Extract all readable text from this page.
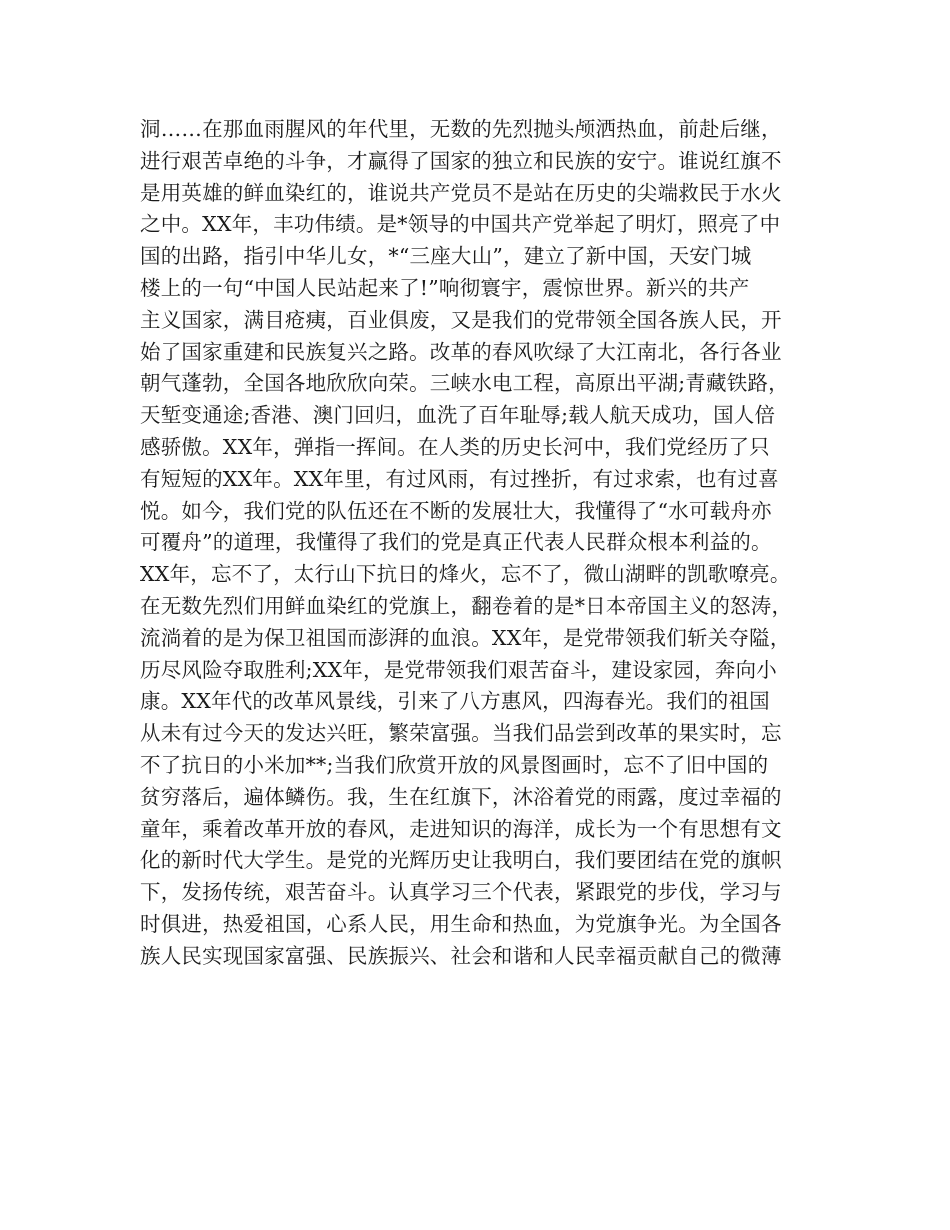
洞……在那血雨腥风的年代里，无数的先烈抛头颅洒热血，前赴后继，
进行艰苦卓绝的斗争，才赢得了国家的独立和民族的安宁。谁说红旗不
是用英雄的鲜血染红的，谁说共产党员不是站在历史的尖端救民于水火
之中。XX年，丰功伟绩。是*领导的中国共产党举起了明灯，照亮了中
国的出路，指引中华儿女，*“三座大山”，建立了新中国，天安门城
楼上的一句“中国人民站起来了!”响彻寰宇，震惊世界。新兴的共产
主义国家，满目疮痍，百业俱废，又是我们的党带领全国各族人民，开
始了国家重建和民族复兴之路。改革的春风吹绿了大江南北，各行各业
朝气蓬勃，全国各地欣欣向荣。三峡水电工程，高原出平湖;青藏铁路，
天堑变通途;香港、澳门回归，血洗了百年耻辱;载人航天成功，国人倍
感骄傲。XX年，弹指一挥间。在人类的历史长河中，我们党经历了只
有短短的XX年。XX年里，有过风雨，有过挫折，有过求索，也有过喜
悦。如今，我们党的队伍还在不断的发展壮大，我懂得了“水可载舟亦
可覆舟”的道理，我懂得了我们的党是真正代表人民群众根本利益的。
XX年，忘不了，太行山下抗日的烽火，忘不了，微山湖畔的凯歌嘹亮。
在无数先烈们用鲜血染红的党旗上，翻卷着的是*日本帝国主义的怒涛，
流淌着的是为保卫祖国而澎湃的血浪。XX年，是党带领我们斩关夺隘，
历尽风险夺取胜利;XX年，是党带领我们艰苦奋斗，建设家园，奔向小
康。XX年代的改革风景线，引来了八方惠风，四海春光。我们的祖国
从未有过今天的发达兴旺，繁荣富强。当我们品尝到改革的果实时，忘
不了抗日的小米加**;当我们欣赏开放的风景图画时，忘不了旧中国的
贫穷落后，遍体鳞伤。我，生在红旗下，沐浴着党的雨露，度过幸福的
童年，乘着改革开放的春风，走进知识的海洋，成长为一个有思想有文
化的新时代大学生。是党的光辉历史让我明白，我们要团结在党的旗帜
下，发扬传统，艰苦奋斗。认真学习三个代表，紧跟党的步伐，学习与
时俱进，热爱祖国，心系人民，用生命和热血，为党旗争光。为全国各
族人民实现国家富强、民族振兴、社会和谐和人民幸福贡献自己的微薄
